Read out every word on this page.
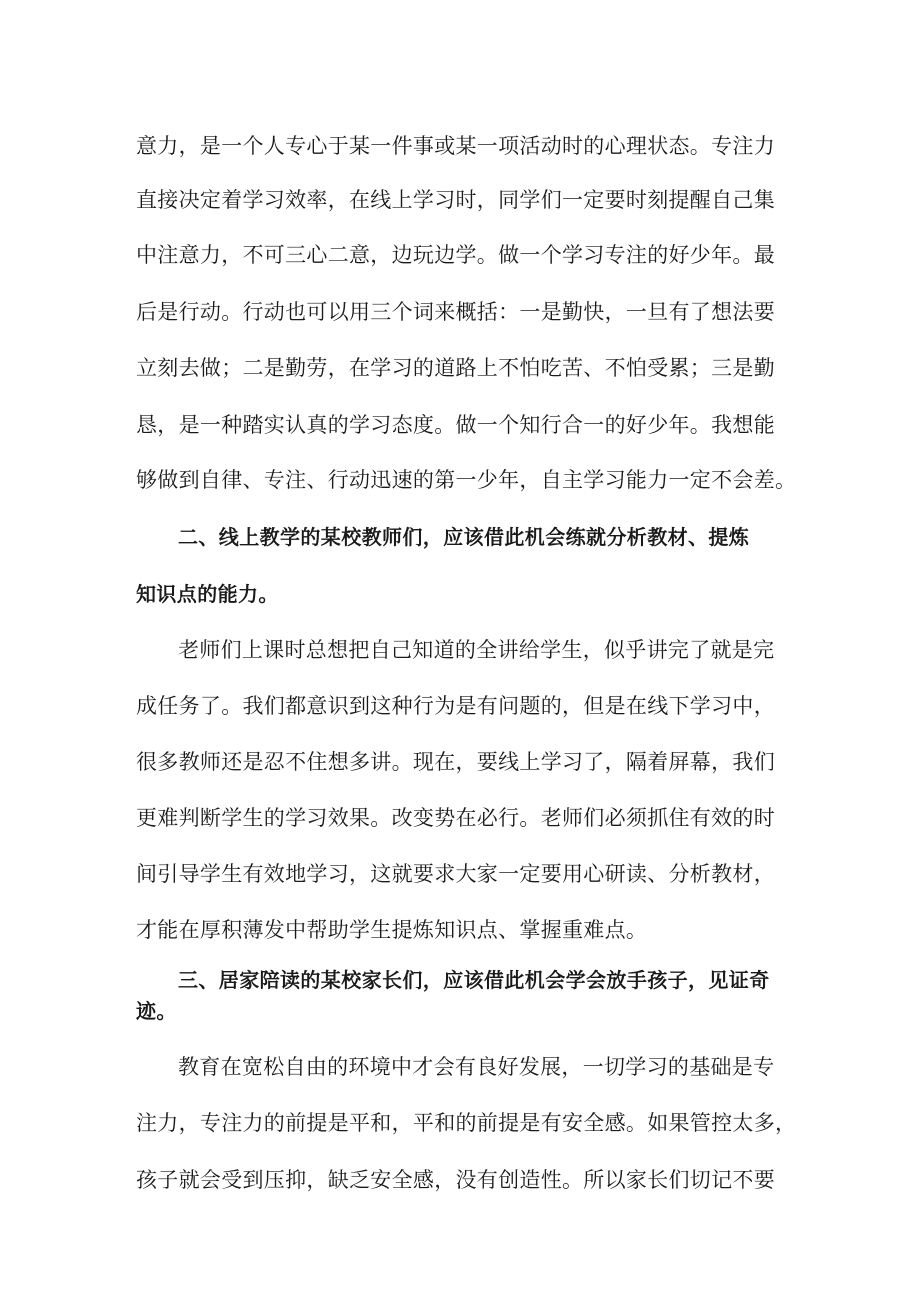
意力，是一个人专心于某一件事或某一项活动时的心理状态。专注力
直接决定着学习效率，在线上学习时，同学们一定要时刻提醒自己集
中注意力，不可三心二意，边玩边学。做一个学习专注的好少年。最
后是行动。行动也可以用三个词来概括：一是勤快，一旦有了想法要
立刻去做；二是勤劳，在学习的道路上不怕吃苦、不怕受累；三是勤
恳，是一种踏实认真的学习态度。做一个知行合一的好少年。我想能
够做到自律、专注、行动迅速的第一少年，自主学习能力一定不会差。
二、线上教学的某校教师们，应该借此机会练就分析教材、提炼
知识点的能力。
老师们上课时总想把自己知道的全讲给学生，似乎讲完了就是完
成任务了。我们都意识到这种行为是有问题的，但是在线下学习中，
很多教师还是忍不住想多讲。现在，要线上学习了，隔着屏幕，我们
更难判断学生的学习效果。改变势在必行。老师们必须抓住有效的时
间引导学生有效地学习，这就要求大家一定要用心研读、分析教材，
才能在厚积薄发中帮助学生提炼知识点、掌握重难点。
三、居家陪读的某校家长们，应该借此机会学会放手孩子，见证奇
迹。
教育在宽松自由的环境中才会有良好发展，一切学习的基础是专
注力，专注力的前提是平和，平和的前提是有安全感。如果管控太多，
孩子就会受到压抑，缺乏安全感，没有创造性。所以家长们切记不要
